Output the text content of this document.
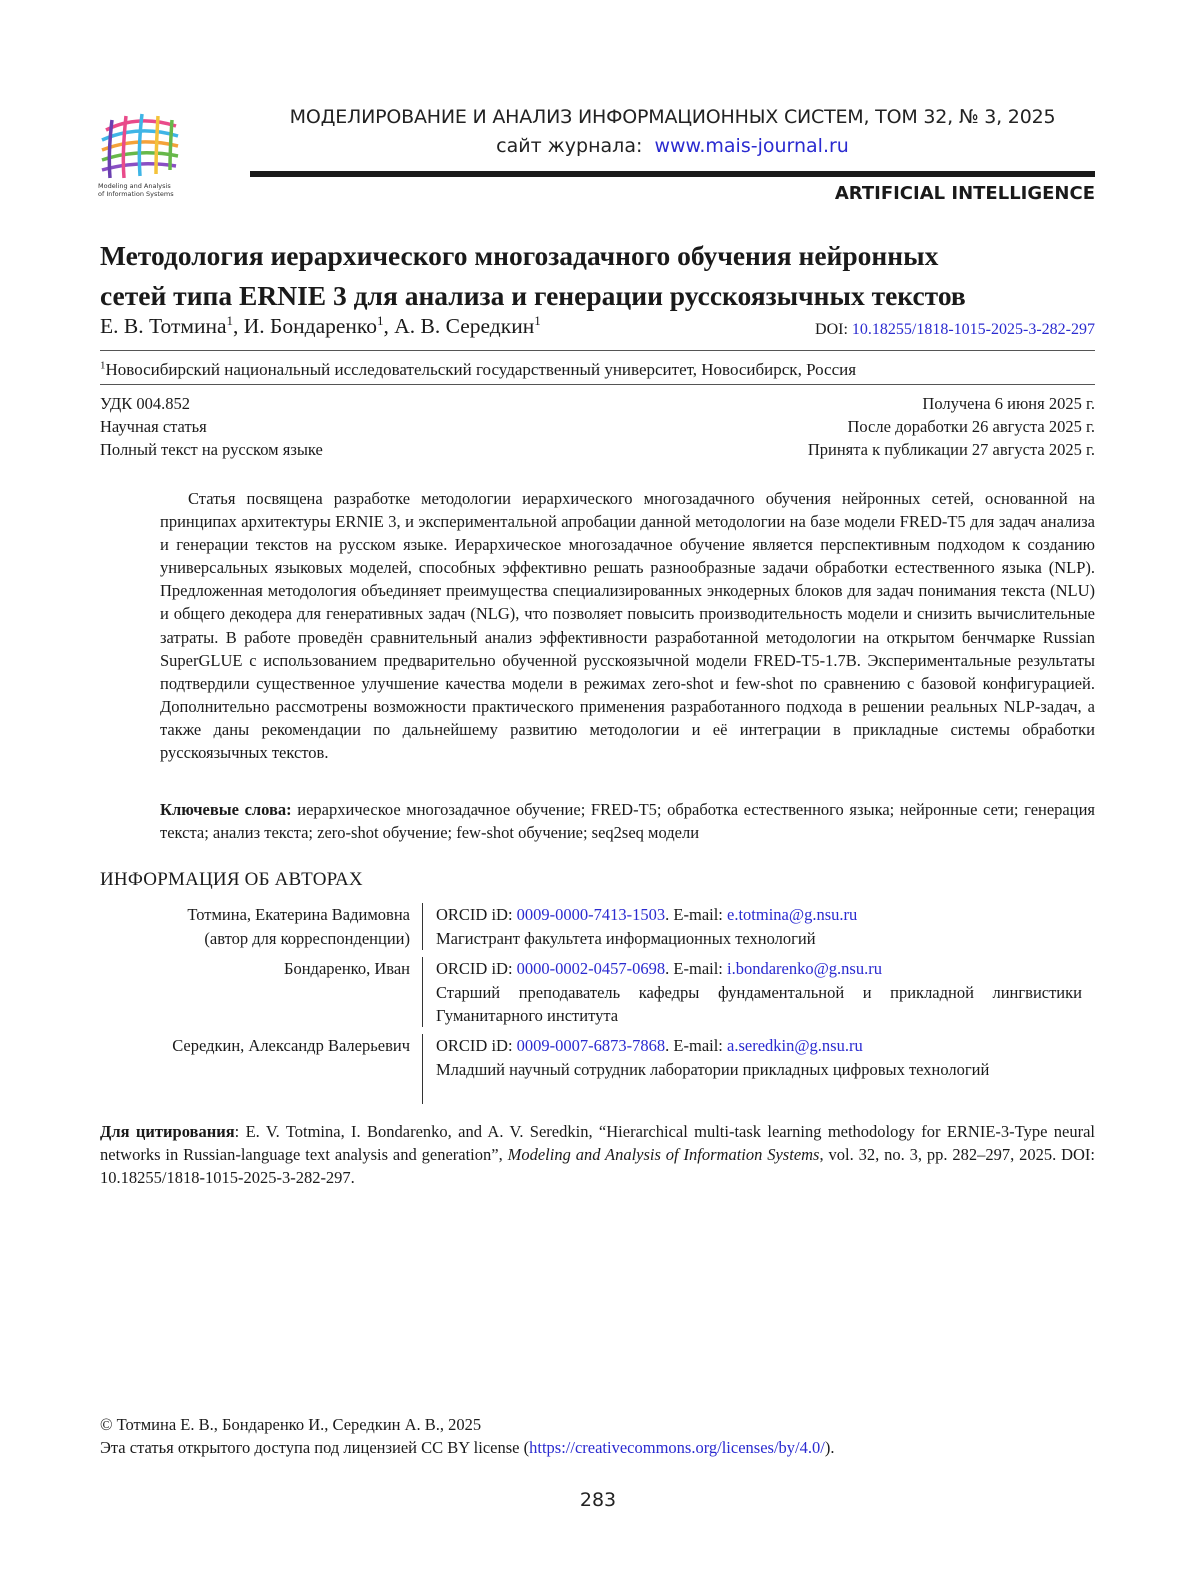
Modeling and Analysis
of Information Systems
МОДЕЛИРОВАНИЕ И АНАЛИЗ ИНФОРМАЦИОННЫХ СИСТЕМ, ТОМ 32, № 3, 2025
сайт журнала: www.mais-journal.ru
ARTIFICIAL INTELLIGENCE
Методология иерархического многозадачного обучения нейронных
сетей типа ERNIE 3 для анализа и генерации русскоязычных текстов
Е. В. Тотмина$^1$, И. Бондаренко$^1$, А. В. Середкин$^1$
DOI: 10.18255/1818-1015-2025-3-282-297
$^1$Новосибирский национальный исследовательский государственный университет, Новосибирск, Россия
УДК 004.852
Научная статья
Полный текст на русском языке
Получена 6 июня 2025 г.
После доработки 26 августа 2025 г.
Принята к публикации 27 августа 2025 г.
Статья посвящена разработке методологии иерархического многозадачного обучения нейронных сетей, основанной на принципах архитектуры ERNIE 3, и экспериментальной апробации данной методологии на базе модели FRED-T5 для задач анализа и генерации текстов на русском языке. Иерархическое многозадачное обучение является перспективным подходом к созданию универсальных языковых моделей, способных эффективно решать разнообразные задачи обработки естественного языка (NLP). Предложенная методология объединяет преимущества специализированных энкодерных блоков для задач понимания текста (NLU) и общего декодера для генеративных задач (NLG), что позволяет повысить производительность модели и снизить вычислительные затраты. В работе проведён сравнительный анализ эффективности разработанной методологии на открытом бенчмарке Russian SuperGLUE с использованием предварительно обученной русскоязычной модели FRED-T5-1.7B. Экспериментальные результаты подтвердили существенное улучшение качества модели в режимах zero-shot и few-shot по сравнению с базовой конфигурацией. Дополнительно рассмотрены возможности практического применения разработанного подхода в решении реальных NLP-задач, а также даны рекомендации по дальнейшему развитию методологии и её интеграции в прикладные системы обработки русскоязычных текстов.
Ключевые слова: иерархическое многозадачное обучение; FRED-T5; обработка естественного языка; нейронные сети; генерация текста; анализ текста; zero-shot обучение; few-shot обучение; seq2seq модели
ИНФОРМАЦИЯ ОБ АВТОРАХ
Тотмина, Екатерина Вадимовна
(автор для корреспонденции)
ORCID iD: 0009-0000-7413-1503. E-mail: e.totmina@g.nsu.ru
Магистрант факультета информационных технологий
Бондаренко, Иван ORCID iD: 0000-0002-0457-0698. E-mail: i.bondarenko@g.nsu.ru
Старший преподаватель кафедры фундаментальной и прикладной лингвистики Гуманитарного института
Середкин, Александр Валерьевич ORCID iD: 0009-0007-6873-7868. E-mail: a.seredkin@g.nsu.ru
Младший научный сотрудник лаборатории прикладных цифровых технологий
Для цитирования: E. V. Totmina, I. Bondarenko, and A. V. Seredkin, “Hierarchical multi-task learning methodology for ERNIE-3-Type neural networks in Russian-language text analysis and generation”, Modeling and Analysis of Information Systems, vol. 32, no. 3, pp. 282–297, 2025. DOI: 10.18255/1818-1015-2025-3-282-297.
© Тотмина Е. В., Бондаренко И., Середкин А. В., 2025
Эта статья открытого доступа под лицензией CC BY license (https://creativecommons.org/licenses/by/4.0/).
283
